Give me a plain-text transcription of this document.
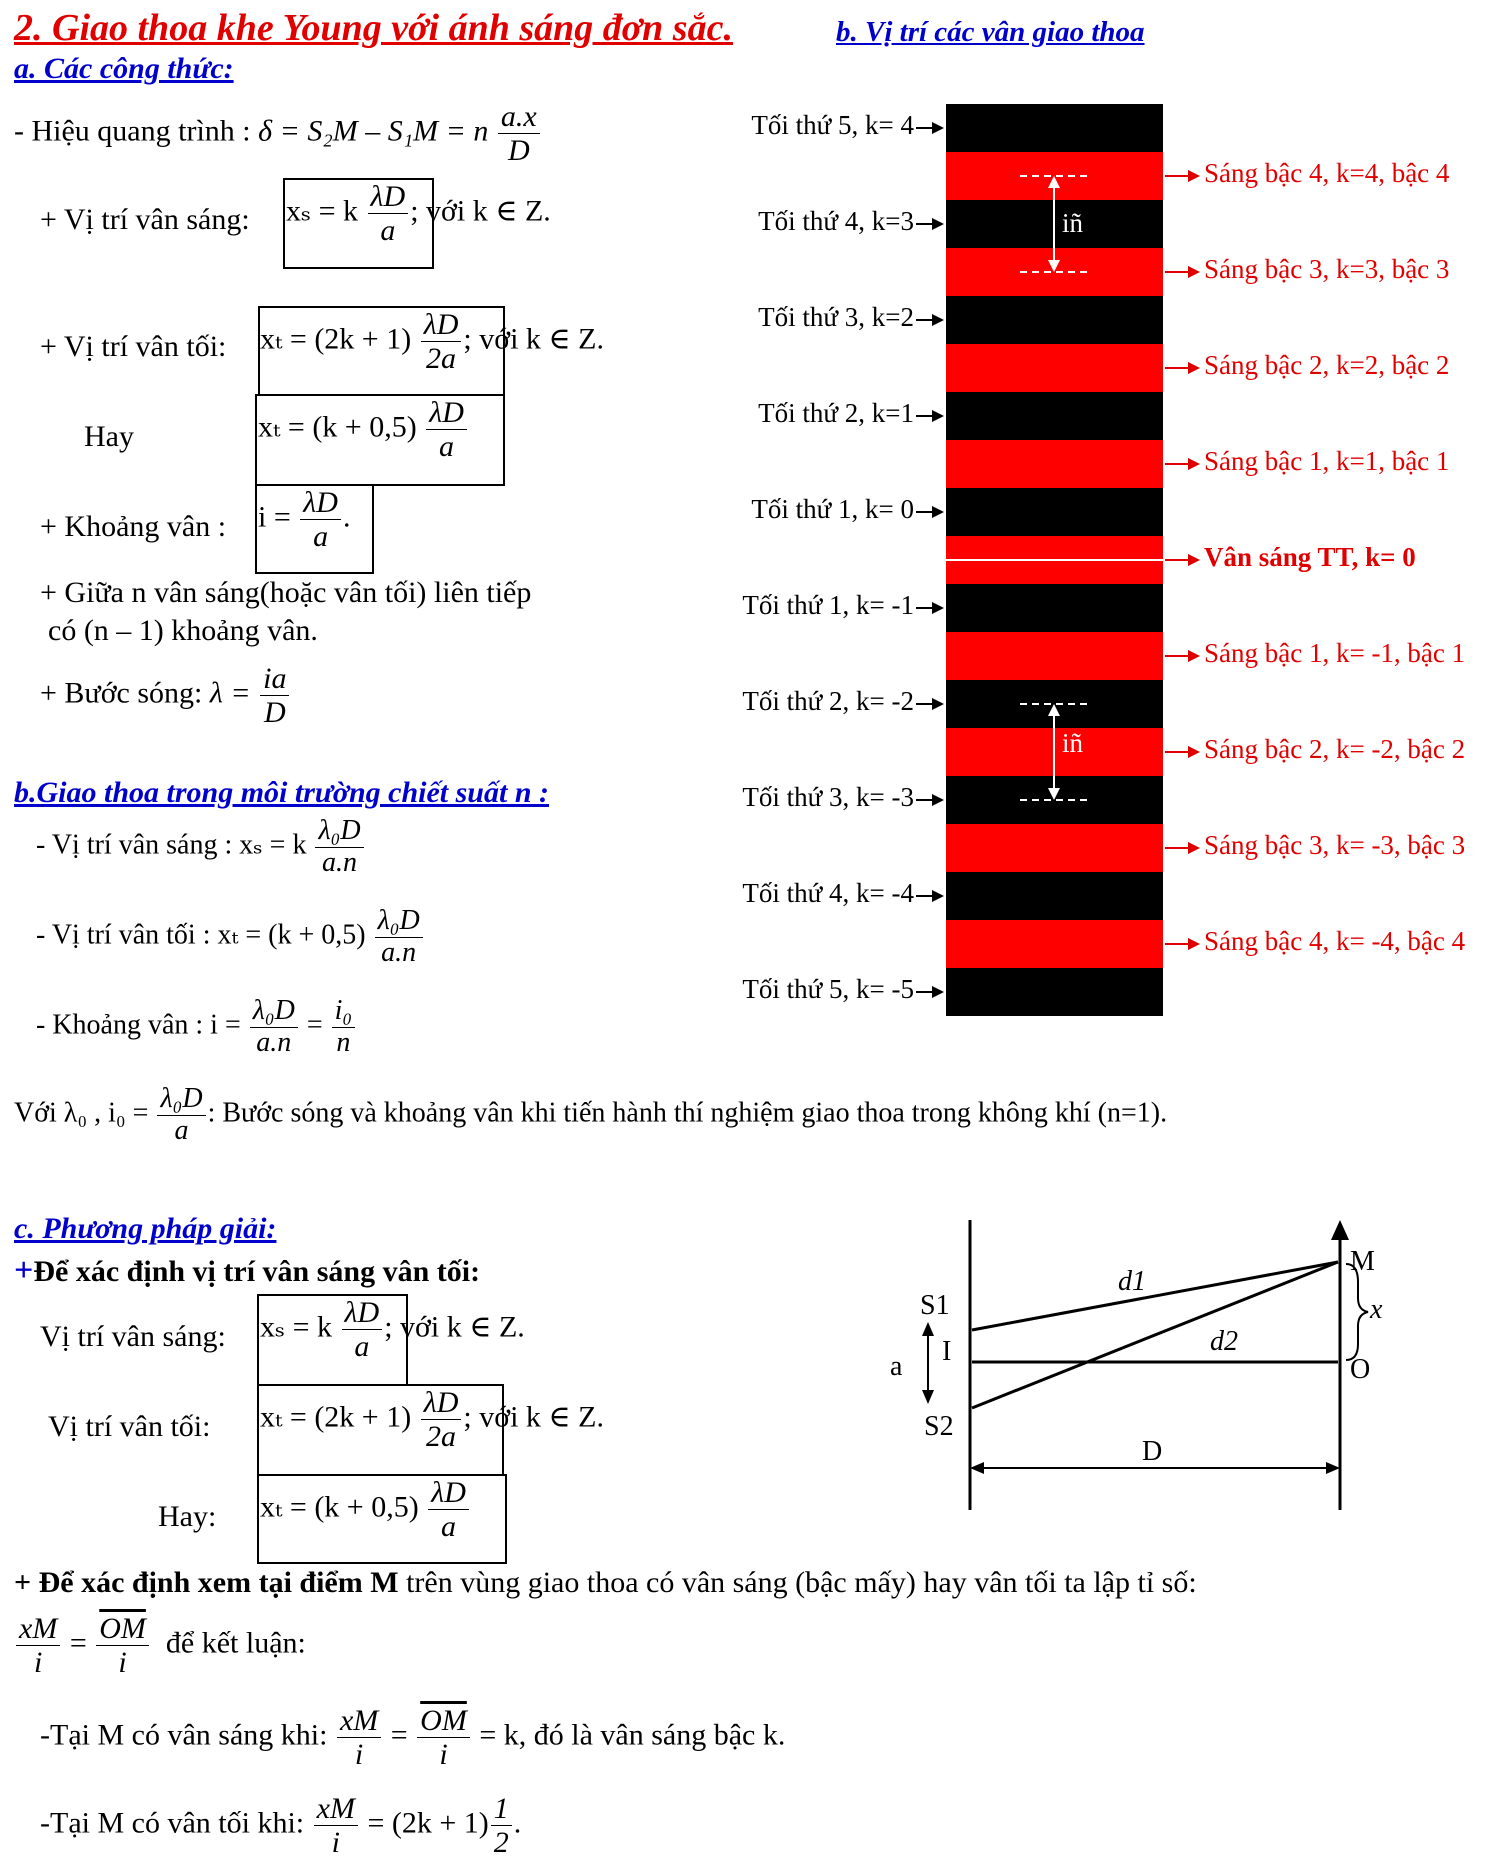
2. Giao thoa khe Young với ánh sáng đơn sắc.
a. Các công thức:
- Hiệu quang trình : δ = S₂M – S₁M = n $\frac{a.x}{D}$
+ Vị trí vân sáng: xₛ = k $\frac{\lambda D}{a}$ ; với k ∈ Z.
+ Vị trí vân tối: $x_t = (2k + 1) \frac{\lambda D}{2a}$ ; với k ∈ Z.
Hay	$x_t = (k + 0,5) \frac{\lambda D}{a}$
+ Khoảng vân : $i = \frac{\lambda D}{a}$ .
+ Giữa n vân sáng(hoặc vân tối) liên tiếp
có (n – 1) khoảng vân.
+ Bước sóng: $\lambda = \frac{ia}{D}$
b.Giao thoa trong môi trường chiết suất n :
- Vị trí vân sáng : xₛ = k $\frac{\text{λ₀D}}{a.n}$
- Vị trí vân tối : $x_t = (k + 0,5) \frac{\text{λ₀D}}{a.n}$
- Khoảng vân : $i = \frac{\text{λ₀D}}{a.n} = \frac{\text{i₀}}{n}$
Với λ₀ , $i_0 = \frac{\text{λ₀D}}{a}$ : Bước sóng và khoảng vân khi tiến hành thí nghiệm giao thoa trong không khí (n=1).
b. Vị trí các vân giao thoa
Tối thứ 5, k= 4
Tối thứ 4, k=3
Tối thứ 3, k=2
Tối thứ 2, k=1
Tối thứ 1, k= 0
Tối thứ 1, k= -1
Tối thứ 2, k= -2
Tối thứ 3, k= -3
Tối thứ 4, k= -4
Tối thứ 5, k= -5
Sáng bậc 4, k=4, bậc 4
Sáng bậc 3, k=3, bậc 3
Sáng bậc 2, k=2, bậc 2
Sáng bậc 1, k=1, bậc 1
Vân sáng TT, k= 0
Sáng bậc 1, k= -1, bậc 1
Sáng bậc 2, k= -2, bậc 2
Sáng bậc 3, k= -3, bậc 3
Sáng bậc 4, k= -4, bậc 4
iñ
iñ
c. Phương pháp giải:
+Để xác định vị trí vân sáng vân tối:
Vị trí vân sáng: xₛ = k $\frac{\lambda D}{a}$ ; với k ∈ Z.
Vị trí vân tối: $x_t = (2k + 1) \frac{\lambda D}{2a}$ ; với k ∈ Z.
Hay: $x_t = (k + 0,5) \frac{\lambda D}{a}$
+ Để xác định xem tại điểm M trên vùng giao thoa có vân sáng (bậc mấy) hay vân tối ta lập tỉ số:
$\frac{xM}{i} = \frac{\overline{OM}}{i}$ để kết luận:
-Tại M có vân sáng khi: $\frac{xM}{i} = \frac{\overline{OM}}{i} = k$, đó là vân sáng bậc k.
-Tại M có vân tối khi: $\frac{xM}{i} = (2k + 1) \frac{1}{2}$ .
S1
S2
I
a
M
O
x
d1
d2
D
